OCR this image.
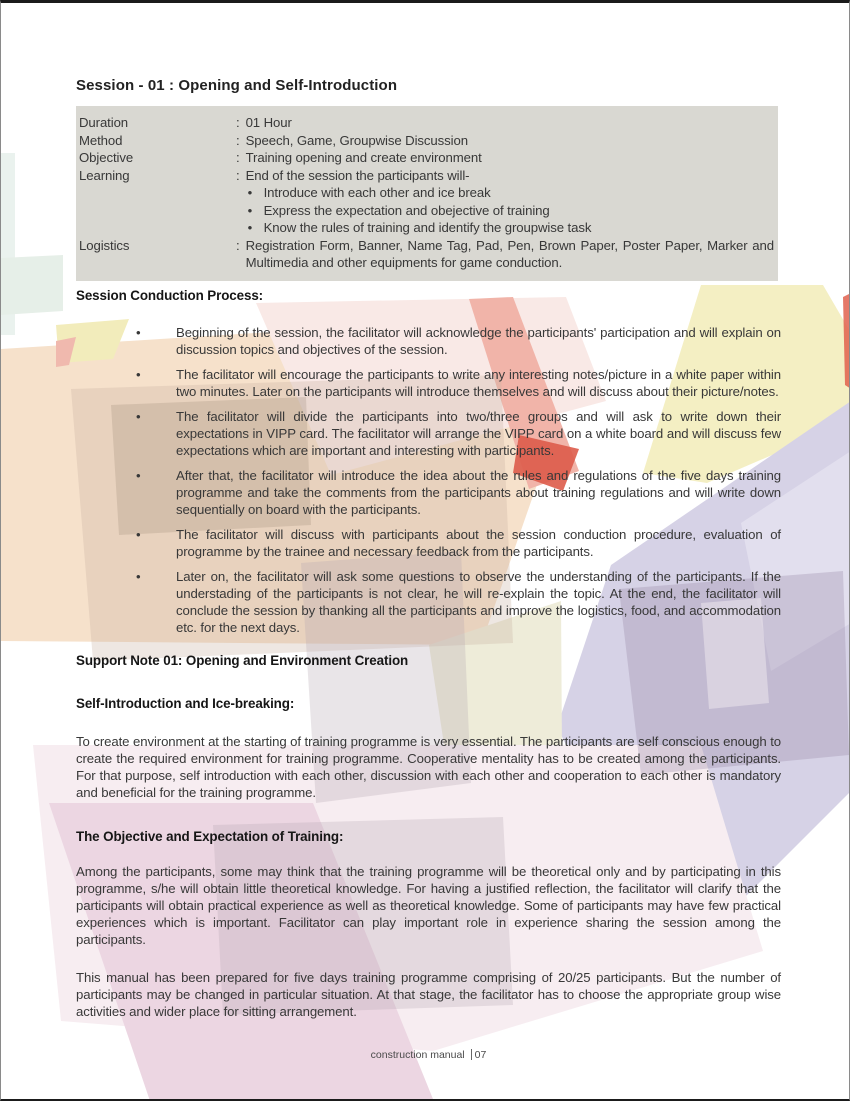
Session - 01 : Opening and Self-Introduction
Duration	: 01 Hour
Method	: Speech, Game, Groupwise Discussion
Objective	: Training opening and create environment
Learning	: End of the session the participants will-
• Introduce with each other and ice break
• Express the expectation and obejective of training
• Know the rules of training and identify the groupwise task
Logistics	: Registration Form, Banner, Name Tag, Pad, Pen, Brown Paper, Poster Paper, Marker and Multimedia and other equipments for game conduction.
Session Conduction Process:
• Beginning of the session, the facilitator will acknowledge the participants' participation and will explain on discussion topics and objectives of the session.
• The facilitator will encourage the participants to write any interesting notes/picture in a white paper within two minutes. Later on the participants will introduce themselves and will discuss about their picture/notes.
• The facilitator will divide the participants into two/three groups and will ask to write down their expectations in VIPP card. The facilitator will arrange the VIPP card on a white board and will discuss few expectations which are important and interesting with participants.
• After that, the facilitator will introduce the idea about the rules and regulations of the five days training programme and take the comments from the participants about training regulations and will write down sequentially on board with the participants.
• The facilitator will discuss with participants about the session conduction procedure, evaluation of programme by the trainee and necessary feedback from the participants.
• Later on, the facilitator will ask some questions to observe the understanding of the participants. If the understading of the participants is not clear, he will re-explain the topic. At the end, the facilitator will conclude the session by thanking all the participants and improve the logistics, food, and accommodation etc. for the next days.
Support Note 01: Opening and Environment Creation
Self-Introduction and Ice-breaking:
To create environment at the starting of training programme is very essential. The participants are self conscious enough to create the required environment for training programme. Cooperative mentality has to be created among the participants. For that purpose, self introduction with each other, discussion with each other and cooperation to each other is mandatory and beneficial for the training programme.
The Objective and Expectation of Training:
Among the participants, some may think that the training programme will be theoretical only and by participating in this programme, s/he will obtain little theoretical knowledge. For having a justified reflection, the facilitator will clarify that the participants will obtain practical experience as well as theoretical knowledge. Some of participants may have few practical experiences which is important. Facilitator can play important role in experience sharing the session among the participants.
This manual has been prepared for five days training programme comprising of 20/25 participants. But the number of participants may be changed in particular situation. At that stage, the facilitator has to choose the appropriate group wise activities and wider place for sitting arrangement.
construction manual 07
